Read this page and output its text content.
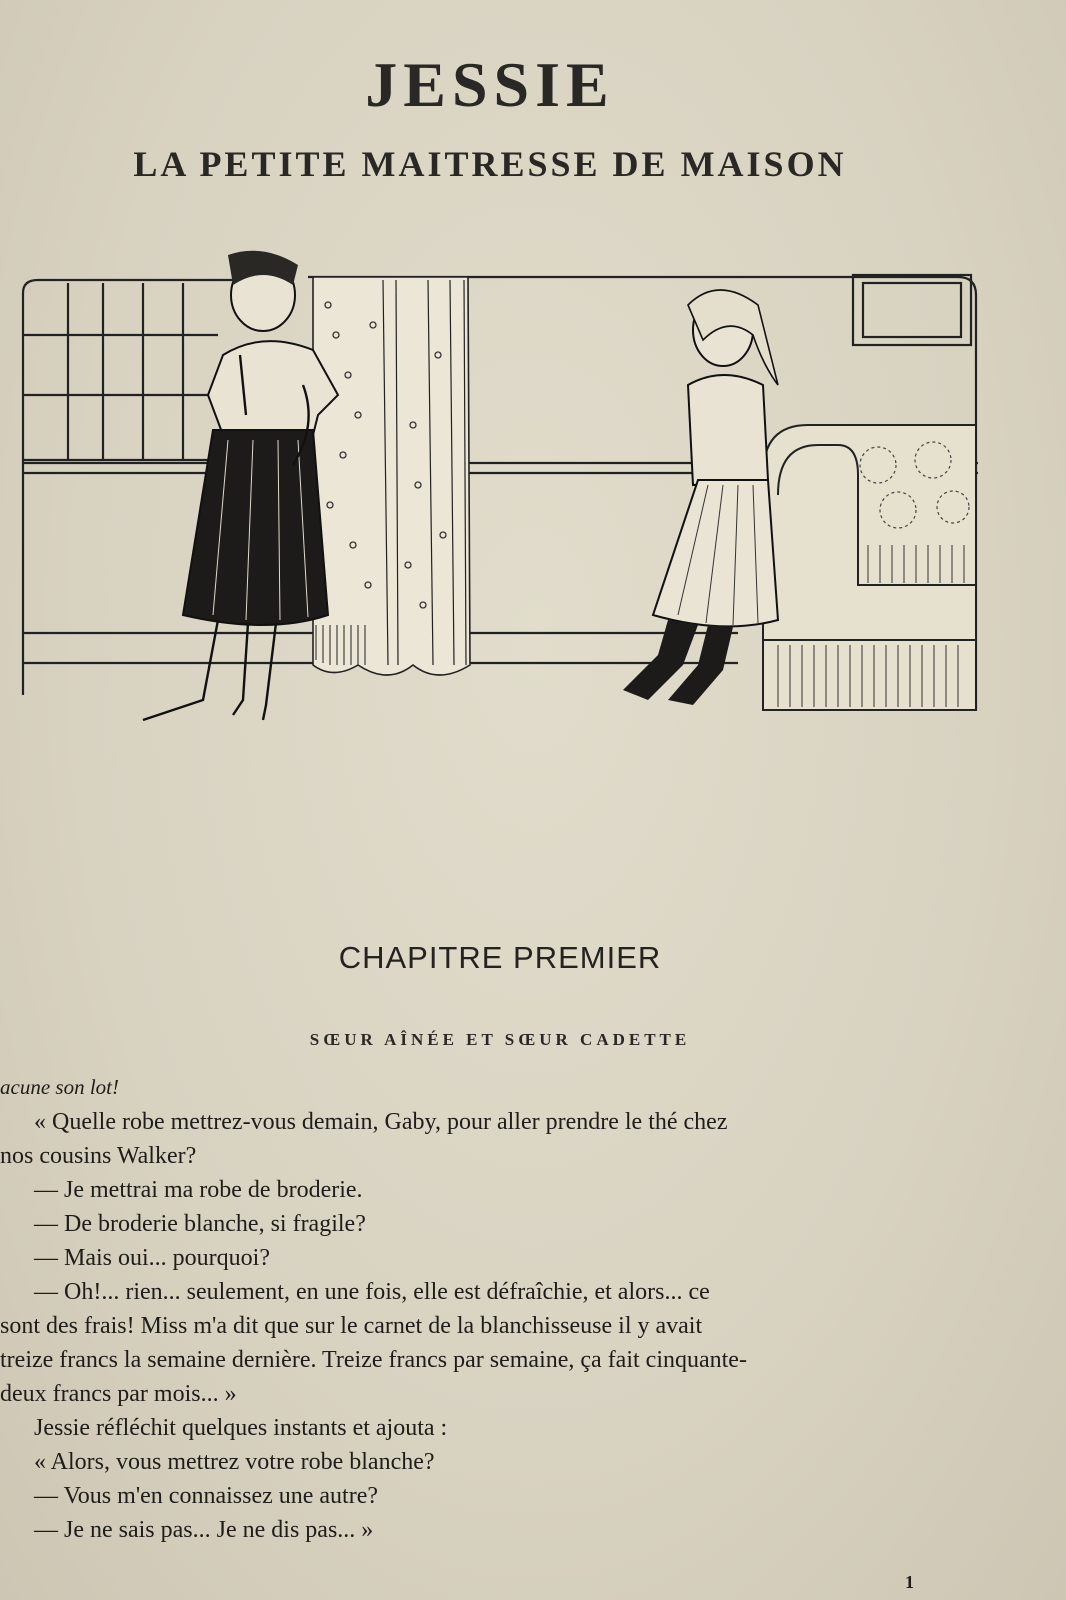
JESSIE
LA PETITE MAITRESSE DE MAISON
CHAPITRE PREMIER
SŒUR AÎNÉE ET SŒUR CADETTE
acune son lot!
« Quelle robe mettrez-vous demain, Gaby, pour aller prendre le thé chez
nos cousins Walker?
— Je mettrai ma robe de broderie.
— De broderie blanche, si fragile?
— Mais oui... pourquoi?
— Oh!... rien... seulement, en une fois, elle est défraîchie, et alors... ce
sont des frais! Miss m'a dit que sur le carnet de la blanchisseuse il y avait
treize francs la semaine dernière. Treize francs par semaine, ça fait cinquante-
deux francs par mois... »
Jessie réfléchit quelques instants et ajouta :
« Alors, vous mettrez votre robe blanche?
— Vous m'en connaissez une autre?
— Je ne sais pas... Je ne dis pas... »
1
